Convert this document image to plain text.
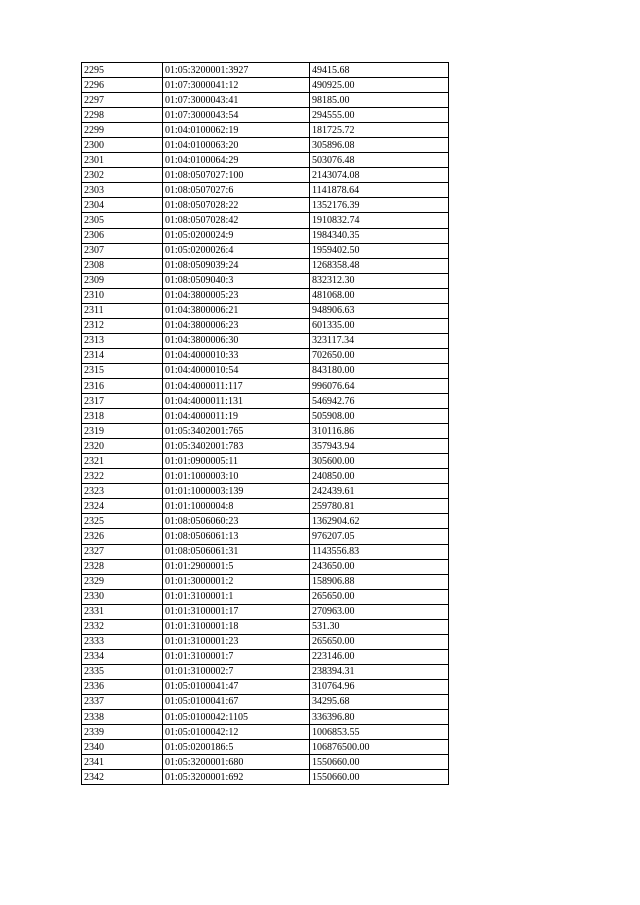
2295	01:05:3200001:3927	49415.68
2296	01:07:3000041:12	490925.00
2297	01:07:3000043:41	98185.00
2298	01:07:3000043:54	294555.00
2299	01:04:0100062:19	181725.72
2300	01:04:0100063:20	305896.08
2301	01:04:0100064:29	503076.48
2302	01:08:0507027:100	2143074.08
2303	01:08:0507027:6	1141878.64
2304	01:08:0507028:22	1352176.39
2305	01:08:0507028:42	1910832.74
2306	01:05:0200024:9	1984340.35
2307	01:05:0200026:4	1959402.50
2308	01:08:0509039:24	1268358.48
2309	01:08:0509040:3	832312.30
2310	01:04:3800005:23	481068.00
2311	01:04:3800006:21	948906.63
2312	01:04:3800006:23	601335.00
2313	01:04:3800006:30	323117.34
2314	01:04:4000010:33	702650.00
2315	01:04:4000010:54	843180.00
2316	01:04:4000011:117	996076.64
2317	01:04:4000011:131	546942.76
2318	01:04:4000011:19	505908.00
2319	01:05:3402001:765	310116.86
2320	01:05:3402001:783	357943.94
2321	01:01:0900005:11	305600.00
2322	01:01:1000003:10	240850.00
2323	01:01:1000003:139	242439.61
2324	01:01:1000004:8	259780.81
2325	01:08:0506060:23	1362904.62
2326	01:08:0506061:13	976207.05
2327	01:08:0506061:31	1143556.83
2328	01:01:2900001:5	243650.00
2329	01:01:3000001:2	158906.88
2330	01:01:3100001:1	265650.00
2331	01:01:3100001:17	270963.00
2332	01:01:3100001:18	531.30
2333	01:01:3100001:23	265650.00
2334	01:01:3100001:7	223146.00
2335	01:01:3100002:7	238394.31
2336	01:05:0100041:47	310764.96
2337	01:05:0100041:67	34295.68
2338	01:05:0100042:1105	336396.80
2339	01:05:0100042:12	1006853.55
2340	01:05:0200186:5	106876500.00
2341	01:05:3200001:680	1550660.00
2342	01:05:3200001:692	1550660.00
